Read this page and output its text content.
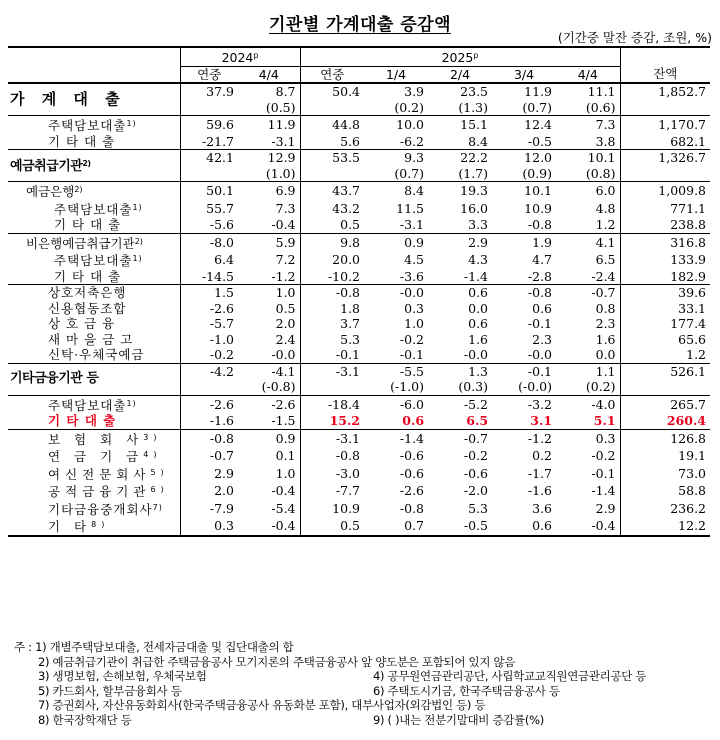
기관별 가계대출 증감액
(기간중 말잔 증감, 조원, %)
	2024$^p$		2025$^p$	
	연중	4/4	연중	1/4	2/4	3/4	4/4	잔액
가 계 대 출	37.9	8.7	50.4	3.9	23.5	11.9	11.1	1,852.7
		(0.5)		(0.2)	(1.3)	(0.7)	(0.6)	
주택담보대출$^{1)}$	59.6	11.9	44.8	10.0	15.1	12.4	7.3	1,170.7
기 타 대 출	-21.7	-3.1	5.6	-6.2	8.4	-0.5	3.8	682.1
예금취급기관$^{2)}$	42.1	12.9	53.5	9.3	22.2	12.0	10.1	1,326.7
		(1.0)		(0.7)	(1.7)	(0.9)	(0.8)	
예금은행$^{2)}$	50.1	6.9	43.7	8.4	19.3	10.1	6.0	1,009.8
주택담보대출$^{1)}$	55.7	7.3	43.2	11.5	16.0	10.9	4.8	771.1
기 타 대 출	-5.6	-0.4	0.5	-3.1	3.3	-0.8	1.2	238.8
비은행예금취급기관$^{2)}$	-8.0	5.9	9.8	0.9	2.9	1.9	4.1	316.8
주택담보대출$^{1)}$	6.4	7.2	20.0	4.5	4.3	4.7	6.5	133.9
기 타 대 출	-14.5	-1.2	-10.2	-3.6	-1.4	-2.8	-2.4	182.9
상호저축은행	1.5	1.0	-0.8	-0.0	0.6	-0.8	-0.7	39.6
신용협동조합	-2.6	0.5	1.8	0.3	0.0	0.6	0.8	33.1
상 호 금 융	-5.7	2.0	3.7	1.0	0.6	-0.1	2.3	177.4
새 마 을 금 고	-1.0	2.4	5.3	-0.2	1.6	2.3	1.6	65.6
신탁·우체국예금	-0.2	-0.0	-0.1	-0.1	-0.0	-0.0	0.0	1.2
기타금융기관 등	-4.2	-4.1	-3.1	-5.5	1.3	-0.1	1.1	526.1
		(-0.8)		(-1.0)	(0.3)	(-0.0)	(0.2)	
주택담보대출$^{1)}$	-2.6	-2.6	-18.4	-6.0	-5.2	-3.2	-4.0	265.7
기 타 대 출	-1.6	-1.5	15.2	0.6	6.5	3.1	5.1	260.4
보 험 회 사$^{3)}$	-0.8	0.9	-3.1	-1.4	-0.7	-1.2	0.3	126.8
연 금 기 금$^{4)}$	-0.7	0.1	-0.8	-0.6	-0.2	0.2	-0.2	19.1
여신전문회사$^{5)}$	2.9	1.0	-3.0	-0.6	-0.6	-1.7	-0.1	73.0
공적금융기관$^{6)}$	2.0	-0.4	-7.7	-2.6	-2.0	-1.6	-1.4	58.8
기타금융중개회사$^{7)}$	-7.9	-5.4	10.9	-0.8	5.3	3.6	2.9	236.2
기 타$^{8)}$	0.3	-0.4	0.5	0.7	-0.5	0.6	-0.4	12.2
주 : 1) 개별주택담보대출, 전세자금대출 및 집단대출의 합
2) 예금취급기관이 취급한 주택금융공사 모기지론의 주택금융공사 앞 양도분은 포함되어 있지 않음
3) 생명보험, 손해보험, 우체국보험	4) 공무원연금관리공단, 사립학교교직원연금관리공단 등
5) 카드회사, 할부금융회사 등	6) 주택도시기금, 한국주택금융공사 등
7) 증권회사, 자산유동화회사(한국주택금융공사 유동화분 포함), 대부사업자(외감법인 등) 등
8) 한국장학재단 등	9) ( )내는 전분기말대비 증감률(%)
